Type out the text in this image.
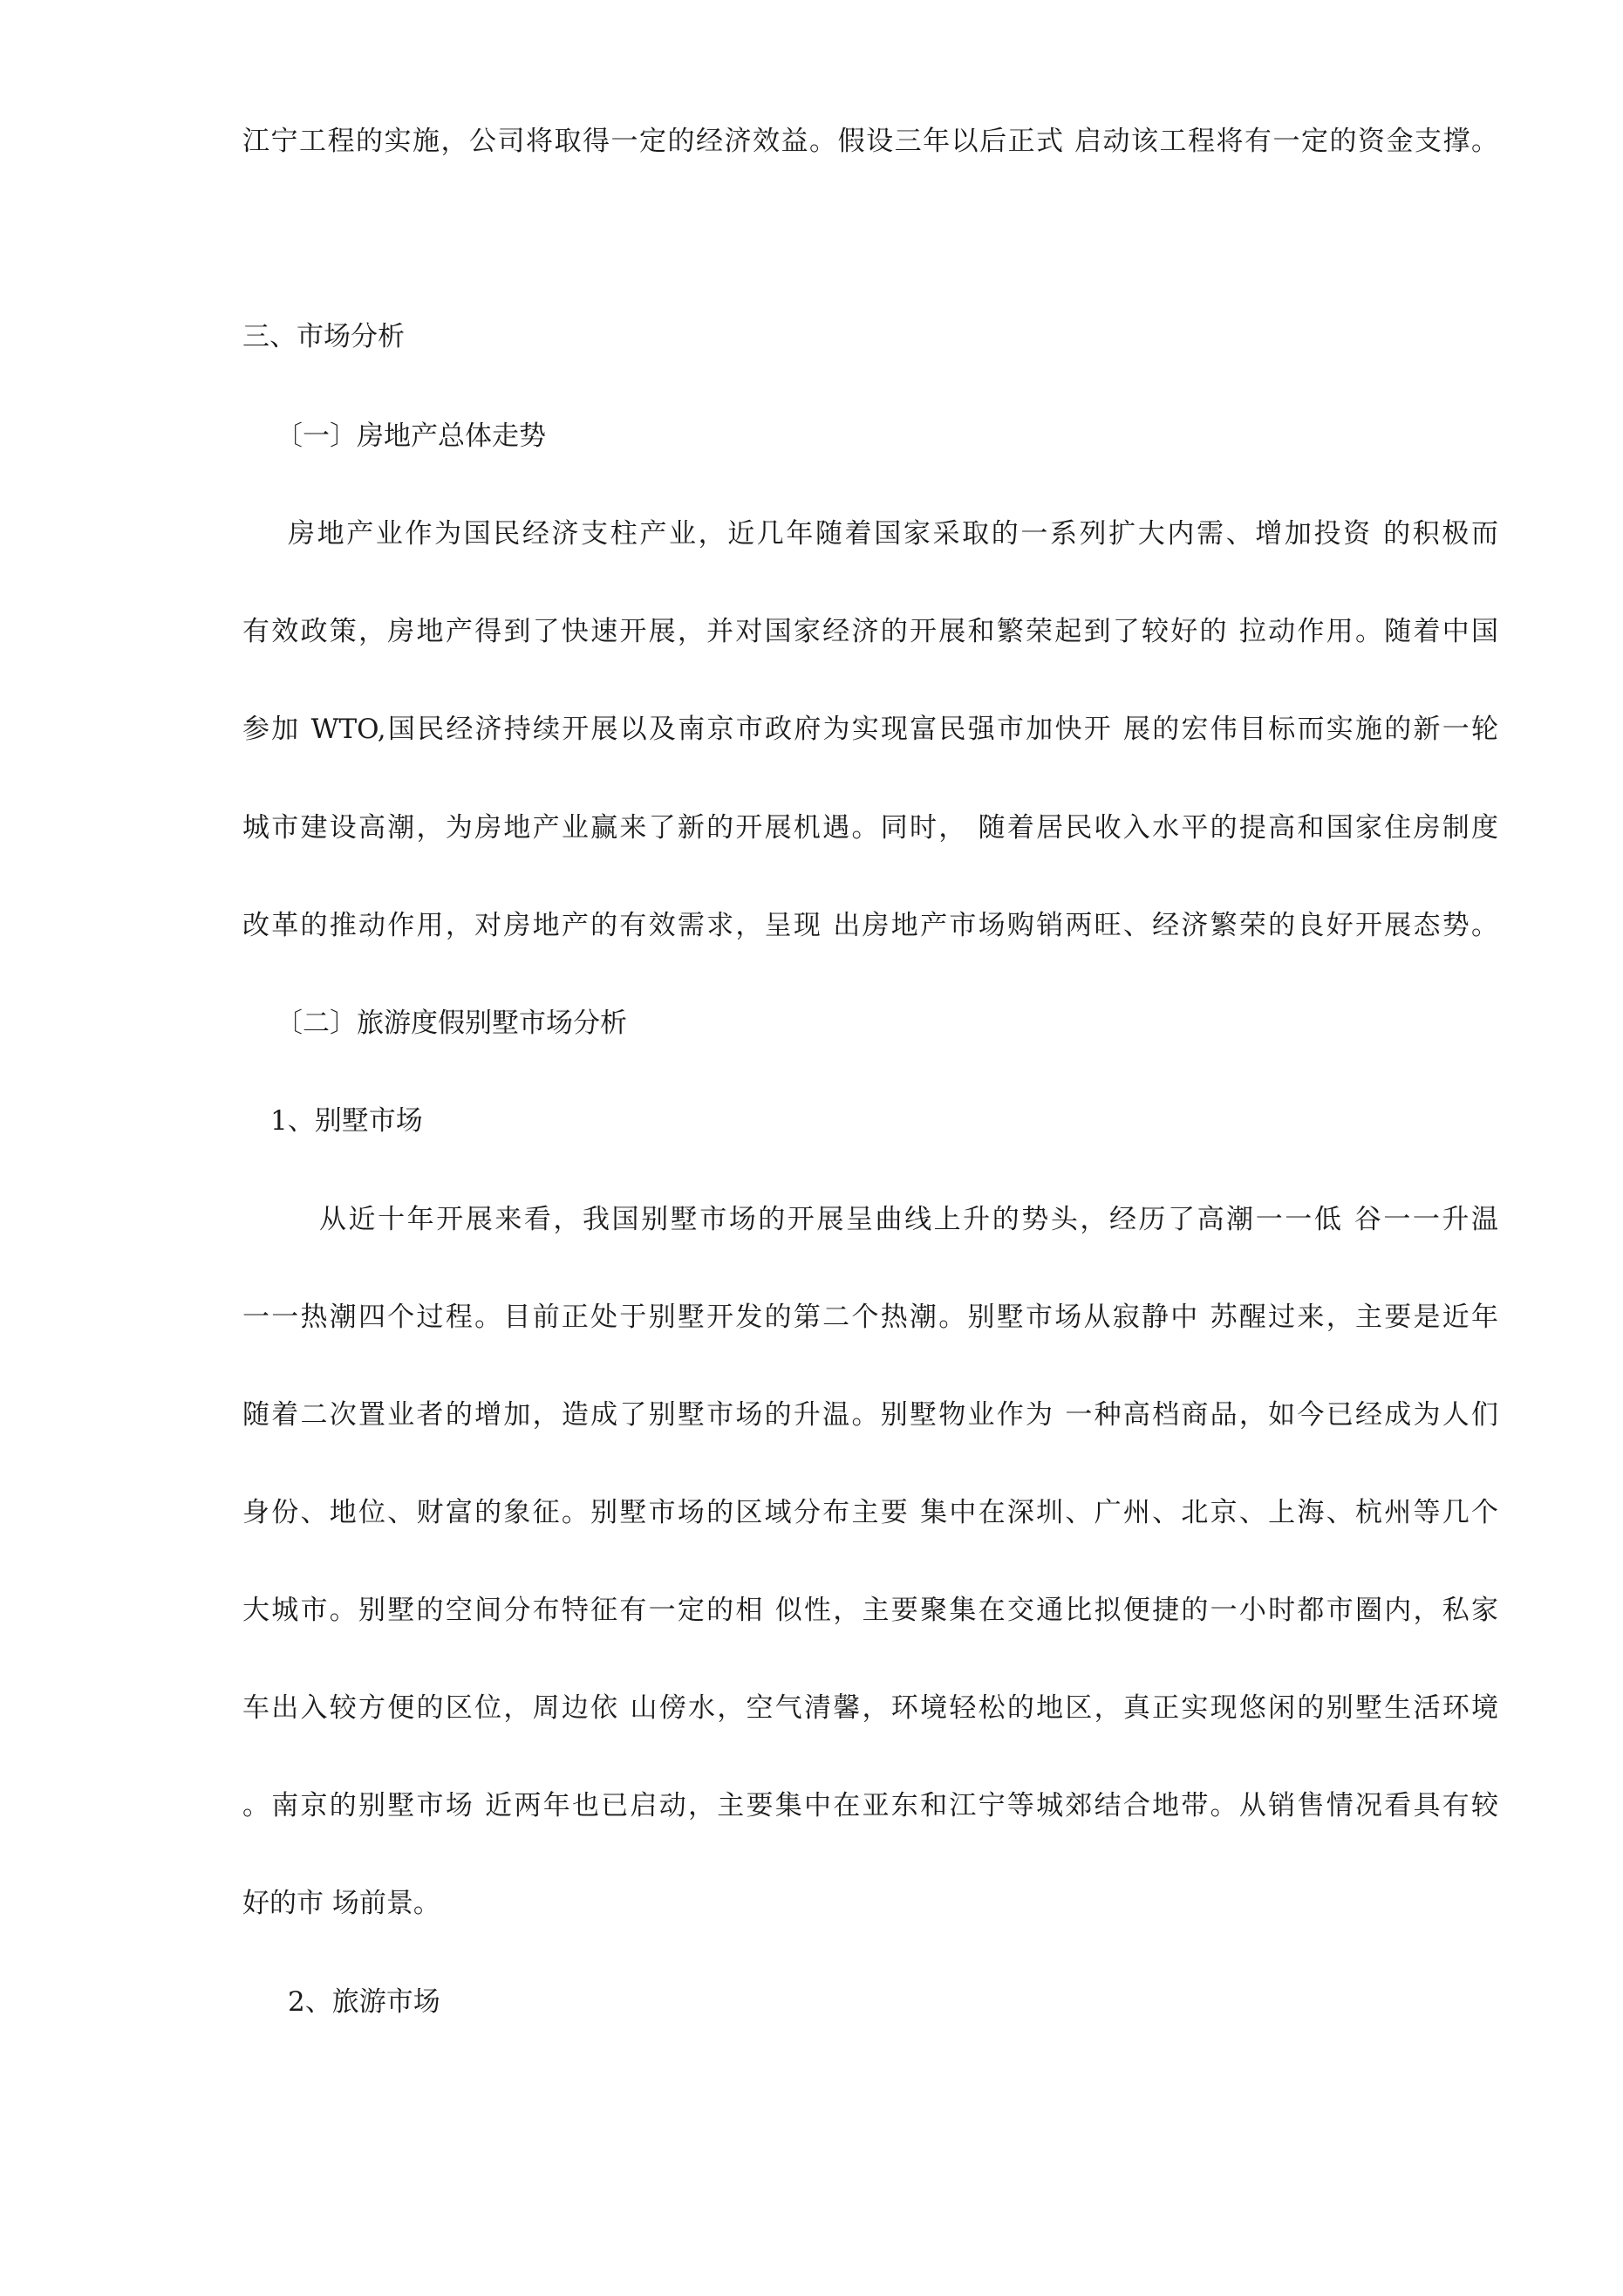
江宁工程的实施，公司将取得一定的经济效益。假设三年以后正式 启动该工程将有一定的资金支撑。
三、市场分析
〔一〕房地产总体走势
房地产业作为国民经济支柱产业，近几年随着国家采取的一系列扩大内需、增加投资 的积极而
有效政策，房地产得到了快速开展，并对国家经济的开展和繁荣起到了较好的 拉动作用。随着中国
参加 WTO,国民经济持续开展以及南京市政府为实现富民强市加快开 展的宏伟目标而实施的新一轮
城市建设高潮，为房地产业赢来了新的开展机遇。同时， 随着居民收入水平的提高和国家住房制度
改革的推动作用，对房地产的有效需求，呈现 出房地产市场购销两旺、经济繁荣的良好开展态势。
〔二〕旅游度假别墅市场分析
1、别墅市场
从近十年开展来看，我国别墅市场的开展呈曲线上升的势头，经历了高潮一一低 谷一一升温
一一热潮四个过程。目前正处于别墅开发的第二个热潮。别墅市场从寂静中 苏醒过来，主要是近年
随着二次置业者的增加，造成了别墅市场的升温。别墅物业作为 一种高档商品，如今已经成为人们
身份、地位、财富的象征。别墅市场的区域分布主要 集中在深圳、广州、北京、上海、杭州等几个
大城市。别墅的空间分布特征有一定的相 似性，主要聚集在交通比拟便捷的一小时都市圈内，私家
车出入较方便的区位，周边依 山傍水，空气清馨，环境轻松的地区，真正实现悠闲的别墅生活环境
。南京的别墅市场 近两年也已启动，主要集中在亚东和江宁等城郊结合地带。从销售情况看具有较
好的市 场前景。
2、旅游市场
